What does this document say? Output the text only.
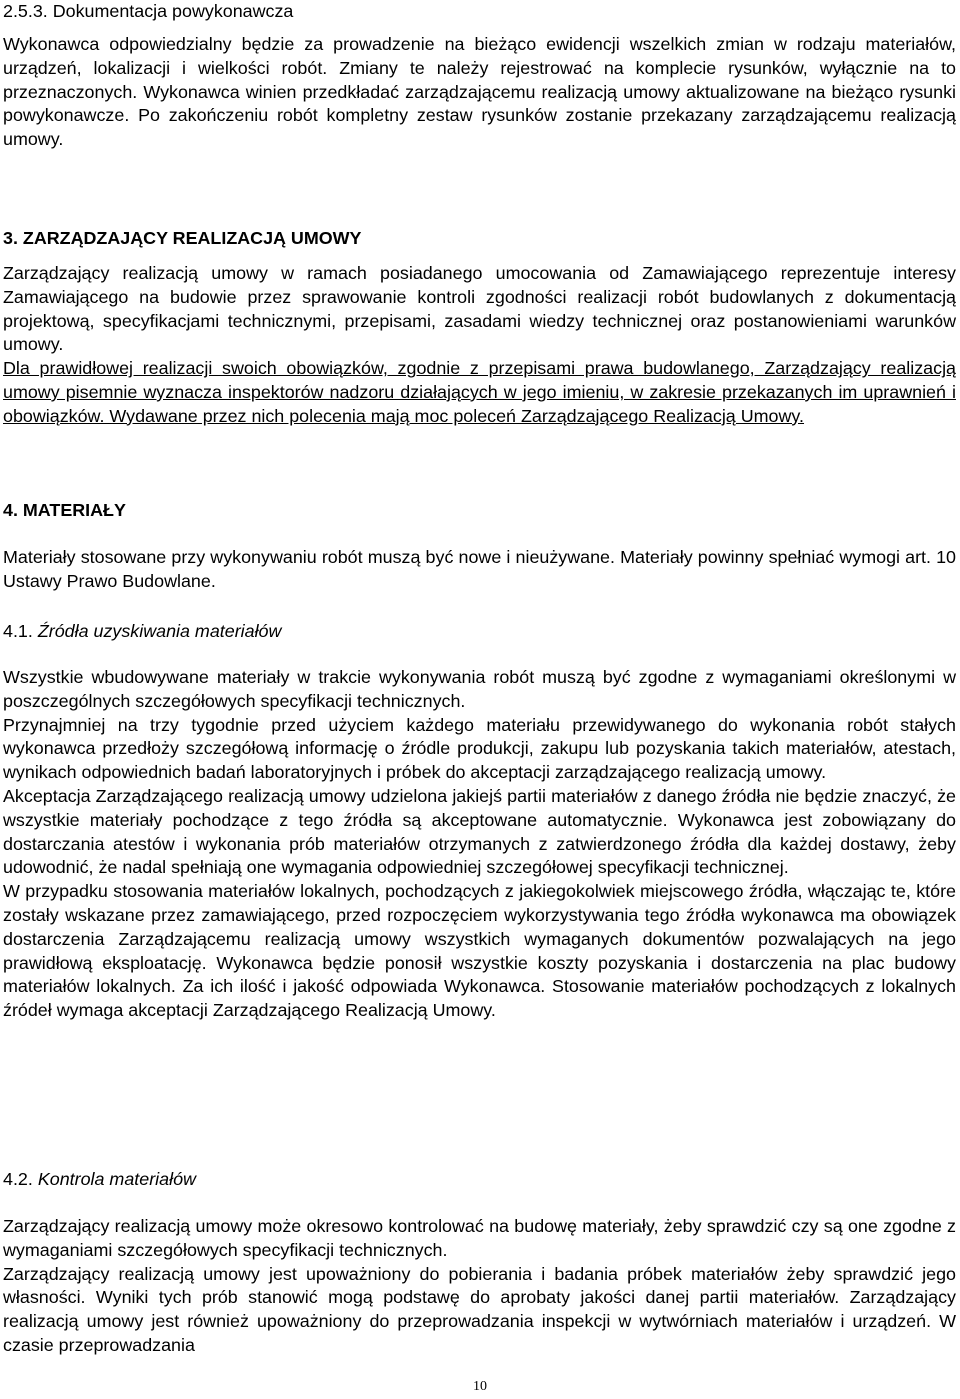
2.5.3. Dokumentacja powykonawcza

Wykonawca odpowiedzialny będzie za prowadzenie na bieżąco ewidencji wszelkich zmian w rodzaju materiałów, urządzeń, lokalizacji i wielkości robót. Zmiany te należy rejestrować na komplecie rysunków, wyłącznie na to przeznaczonych. Wykonawca winien przedkładać zarządzającemu realizacją umowy aktualizowane na bieżąco rysunki powykonawcze. Po zakończeniu robót kompletny zestaw rysunków zostanie przekazany zarządzającemu realizacją umowy.

3. ZARZĄDZAJĄCY REALIZACJĄ UMOWY

Zarządzający realizacją umowy w ramach posiadanego umocowania od Zamawiającego reprezentuje interesy Zamawiającego na budowie przez sprawowanie kontroli zgodności realizacji robót budowlanych z dokumentacją projektową, specyfikacjami technicznymi, przepisami, zasadami wiedzy technicznej oraz postanowieniami warunków umowy.

Dla prawidłowej realizacji swoich obowiązków, zgodnie z przepisami prawa budowlanego, Zarządzający realizacją umowy pisemnie wyznacza inspektorów nadzoru działających w jego imieniu, w zakresie przekazanych im uprawnień i obowiązków. Wydawane przez nich polecenia mają moc poleceń Zarządzającego Realizacją Umowy.

4. MATERIAŁY

Materiały stosowane przy wykonywaniu robót muszą być nowe i nieużywane. Materiały powinny spełniać wymogi art. 10 Ustawy Prawo Budowlane.

4.1. Źródła uzyskiwania materiałów

Wszystkie wbudowywane materiały w trakcie wykonywania robót muszą być zgodne z wymaganiami określonymi w poszczególnych szczegółowych specyfikacji technicznych.

Przynajmniej na trzy tygodnie przed użyciem każdego materiału przewidywanego do wykonania robót stałych wykonawca przedłoży szczegółową informację o źródle produkcji, zakupu lub pozyskania takich materiałów, atestach, wynikach odpowiednich badań laboratoryjnych i próbek do akceptacji zarządzającego realizacją umowy.

Akceptacja Zarządzającego realizacją umowy udzielona jakiejś partii materiałów z danego źródła nie będzie znaczyć, że wszystkie materiały pochodzące z tego źródła są akceptowane automatycznie. Wykonawca jest zobowiązany do dostarczania atestów i wykonania prób materiałów otrzymanych z zatwierdzonego źródła dla każdej dostawy, żeby udowodnić, że nadal spełniają one wymagania odpowiedniej szczegółowej specyfikacji technicznej.

W przypadku stosowania materiałów lokalnych, pochodzących z jakiegokolwiek miejscowego źródła, włączając te, które zostały wskazane przez zamawiającego, przed rozpoczęciem wykorzystywania tego źródła wykonawca ma obowiązek dostarczenia Zarządzającemu realizacją umowy wszystkich wymaganych dokumentów pozwalających na jego prawidłową eksploatację. Wykonawca będzie ponosił wszystkie koszty pozyskania i dostarczenia na plac budowy materiałów lokalnych. Za ich ilość i jakość odpowiada Wykonawca. Stosowanie materiałów pochodzących z lokalnych źródeł wymaga akceptacji Zarządzającego Realizacją Umowy.

4.2. Kontrola materiałów

Zarządzający realizacją umowy może okresowo kontrolować na budowę materiały, żeby sprawdzić czy są one zgodne z wymaganiami szczegółowych specyfikacji technicznych.

Zarządzający realizacją umowy jest upoważniony do pobierania i badania próbek materiałów żeby sprawdzić jego własności. Wyniki tych prób stanowić mogą podstawę do aprobaty jakości danej partii materiałów. Zarządzający realizacją umowy jest również upoważniony do przeprowadzania inspekcji w wytwórniach materiałów i urządzeń. W czasie przeprowadzania

10
